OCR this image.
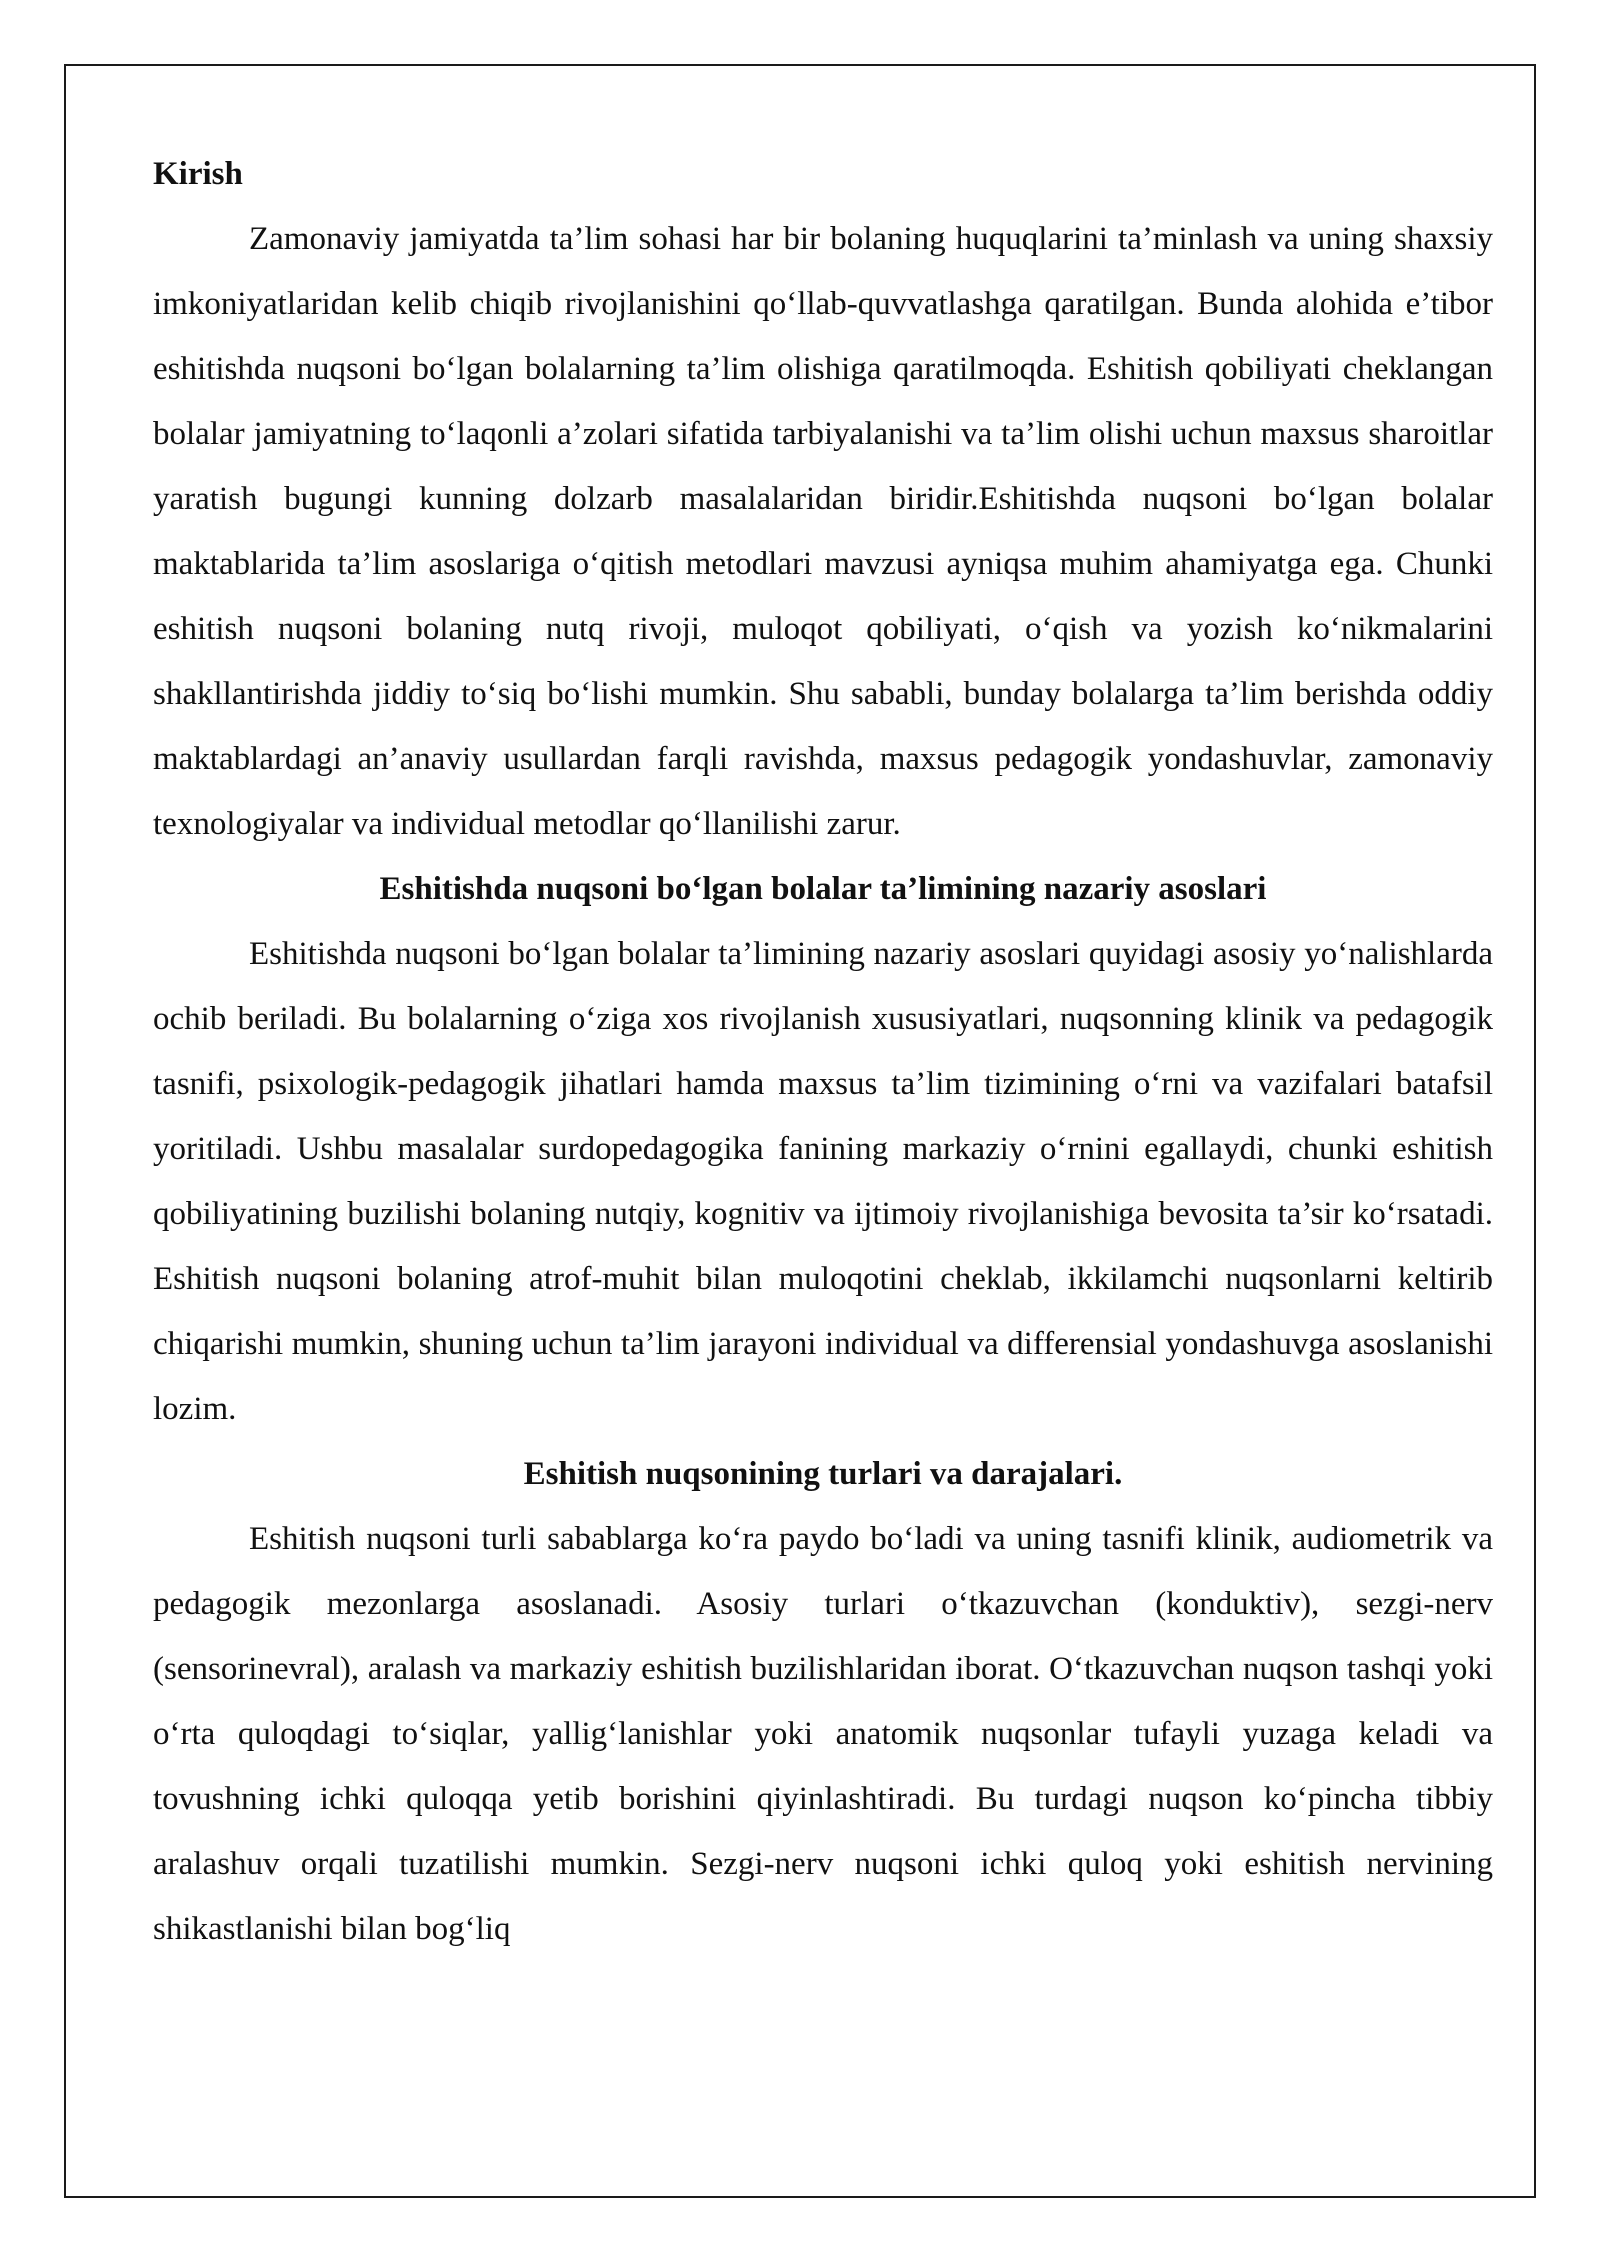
Kirish

Zamonaviy jamiyatda ta’lim sohasi har bir bolaning huquqlarini ta’minlash va uning shaxsiy imkoniyatlaridan kelib chiqib rivojlanishini qo‘llab-quvvatlashga qaratilgan. Bunda alohida e’tibor eshitishda nuqsoni bo‘lgan bolalarning ta’lim olishiga qaratilmoqda. Eshitish qobiliyati cheklangan bolalar jamiyatning to‘laqonli a’zolari sifatida tarbiyalanishi va ta’lim olishi uchun maxsus sharoitlar yaratish bugungi kunning dolzarb masalalaridan biridir.Eshitishda nuqsoni bo‘lgan bolalar maktablarida ta’lim asoslariga o‘qitish metodlari mavzusi ayniqsa muhim ahamiyatga ega. Chunki eshitish nuqsoni bolaning nutq rivoji, muloqot qobiliyati, o‘qish va yozish ko‘nikmalarini shakllantirishda jiddiy to‘siq bo‘lishi mumkin. Shu sababli, bunday bolalarga ta’lim berishda oddiy maktablardagi an’anaviy usullardan farqli ravishda, maxsus pedagogik yondashuvlar, zamonaviy texnologiyalar va individual metodlar qo‘llanilishi zarur.

Eshitishda nuqsoni bo‘lgan bolalar ta’limining nazariy asoslari

Eshitishda nuqsoni bo‘lgan bolalar ta’limining nazariy asoslari quyidagi asosiy yo‘nalishlarda ochib beriladi. Bu bolalarning o‘ziga xos rivojlanish xususiyatlari, nuqsonning klinik va pedagogik tasnifi, psixologik-pedagogik jihatlari hamda maxsus ta’lim tizimining o‘rni va vazifalari batafsil yoritiladi. Ushbu masalalar surdopedagogika fanining markaziy o‘rnini egallaydi, chunki eshitish qobiliyatining buzilishi bolaning nutqiy, kognitiv va ijtimoiy rivojlanishiga bevosita ta’sir ko‘rsatadi. Eshitish nuqsoni bolaning atrof-muhit bilan muloqotini cheklab, ikkilamchi nuqsonlarni keltirib chiqarishi mumkin, shuning uchun ta’lim jarayoni individual va differensial yondashuvga asoslanishi lozim.

Eshitish nuqsonining turlari va darajalari.

Eshitish nuqsoni turli sabablarga ko‘ra paydo bo‘ladi va uning tasnifi klinik, audiometrik va pedagogik mezonlarga asoslanadi. Asosiy turlari o‘tkazuvchan (konduktiv), sezgi-nerv (sensorinevral), aralash va markaziy eshitish buzilishlaridan iborat. O‘tkazuvchan nuqson tashqi yoki o‘rta quloqdagi to‘siqlar, yallig‘lanishlar yoki anatomik nuqsonlar tufayli yuzaga keladi va tovushning ichki quloqqa yetib borishini qiyinlashtiradi. Bu turdagi nuqson ko‘pincha tibbiy aralashuv orqali tuzatilishi mumkin. Sezgi-nerv nuqsoni ichki quloq yoki eshitish nervining shikastlanishi bilan bog‘liq
